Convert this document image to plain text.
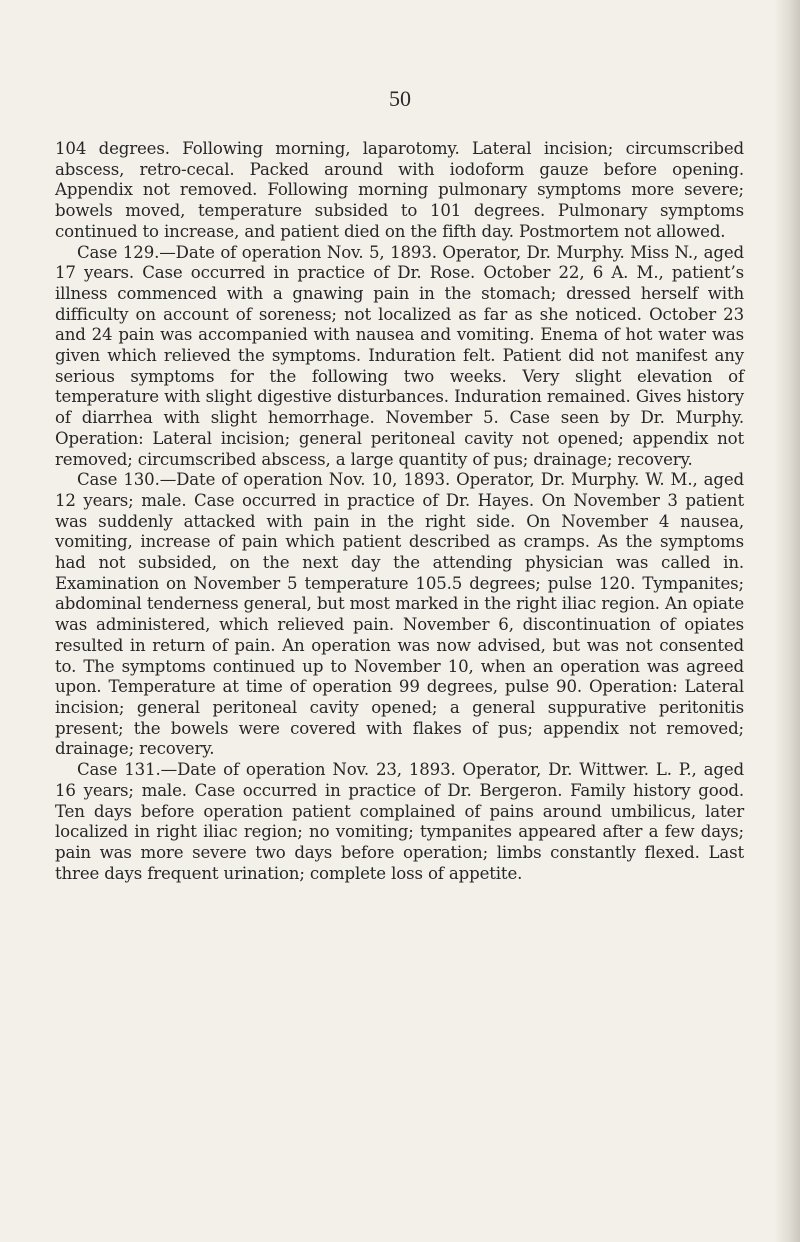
50

104 degrees. Following morning, laparotomy. Lateral incision; circumscribed abscess, retro-cecal. Packed around with iodoform gauze before opening. Appendix not removed. Following morning pulmonary symptoms more severe; bowels moved, temperature subsided to 101 degrees. Pulmonary symptoms continued to increase, and patient died on the fifth day. Postmortem not allowed.

Case 129.—Date of operation Nov. 5, 1893. Operator, Dr. Murphy. Miss N., aged 17 years. Case occurred in practice of Dr. Rose. October 22, 6 A. M., patient’s illness commenced with a gnawing pain in the stomach; dressed herself with difficulty on account of soreness; not localized as far as she noticed. October 23 and 24 pain was accompanied with nausea and vomiting. Enema of hot water was given which relieved the symptoms. Induration felt. Patient did not manifest any serious symptoms for the following two weeks. Very slight elevation of temperature with slight digestive disturbances. Induration remained. Gives history of diarrhea with slight hemorrhage. November 5. Case seen by Dr. Murphy. Operation: Lateral incision; general peritoneal cavity not opened; appendix not removed; circumscribed abscess, a large quantity of pus; drainage; recovery.

Case 130.—Date of operation Nov. 10, 1893. Operator, Dr. Murphy. W. M., aged 12 years; male. Case occurred in practice of Dr. Hayes. On November 3 patient was suddenly attacked with pain in the right side. On November 4 nausea, vomiting, increase of pain which patient described as cramps. As the symptoms had not subsided, on the next day the attending physician was called in. Examination on November 5 temperature 105.5 degrees; pulse 120. Tympanites; abdominal tenderness general, but most marked in the right iliac region. An opiate was administered, which relieved pain. November 6, discontinuation of opiates resulted in return of pain. An operation was now advised, but was not consented to. The symptoms continued up to November 10, when an operation was agreed upon. Temperature at time of operation 99 degrees, pulse 90. Operation: Lateral incision; general peritoneal cavity opened; a general suppurative peritonitis present; the bowels were covered with flakes of pus; appendix not removed; drainage; recovery.

Case 131.—Date of operation Nov. 23, 1893. Operator, Dr. Wittwer. L. P., aged 16 years; male. Case occurred in practice of Dr. Bergeron. Family history good. Ten days before operation patient complained of pains around umbilicus, later localized in right iliac region; no vomiting; tympanites appeared after a few days; pain was more severe two days before operation; limbs constantly flexed. Last three days frequent urination; complete loss of appetite.
